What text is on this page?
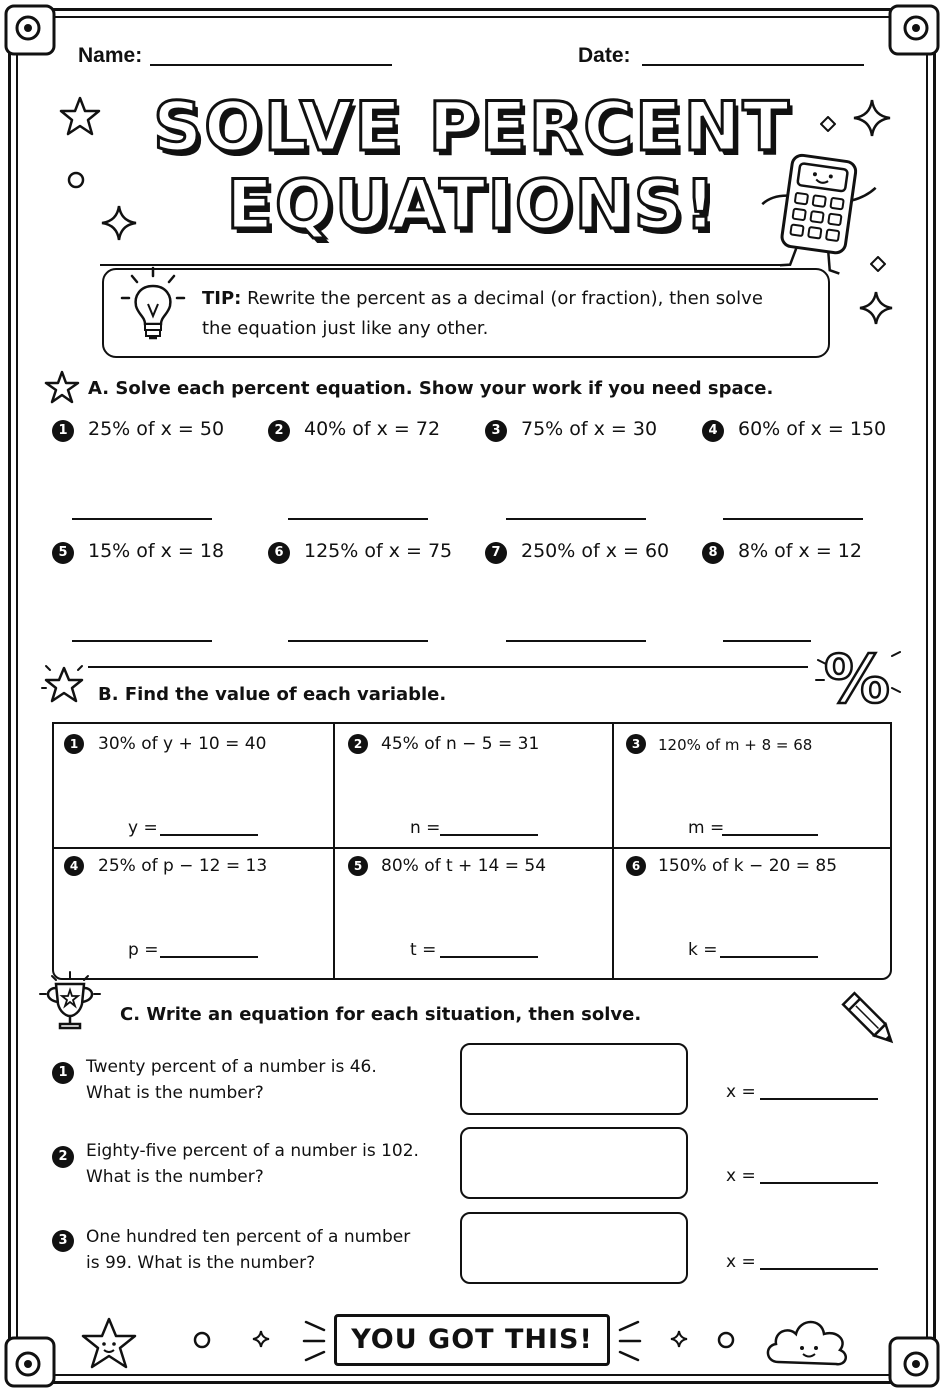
Name:	Date:
SOLVE PERCENT
EQUATIONS!
TIP: Rewrite the percent as a decimal (or fraction), then solve
the equation just like any other.
A. Solve each percent equation. Show your work if you need space.
1	25% of x = 50	2	40% of x = 72	3	75% of x = 30	4	60% of x = 150
5	15% of x = 18	6	125% of x = 75	7	250% of x = 60	8	8% of x = 12
%
B. Find the value of each variable.
1	30% of y + 10 = 40
y =
2	45% of n − 5 = 31
n =
3	120% of m + 8 = 68
m =
4	25% of p − 12 = 13
p =
5	80% of t + 14 = 54
t =
6	150% of k − 20 = 85
k =
C. Write an equation for each situation, then solve.
1	Twenty percent of a number is 46.
What is the number?	x =
2	Eighty-five percent of a number is 102.
What is the number?	x =
3	One hundred ten percent of a number
is 99. What is the number?	x =
YOU GOT THIS!
